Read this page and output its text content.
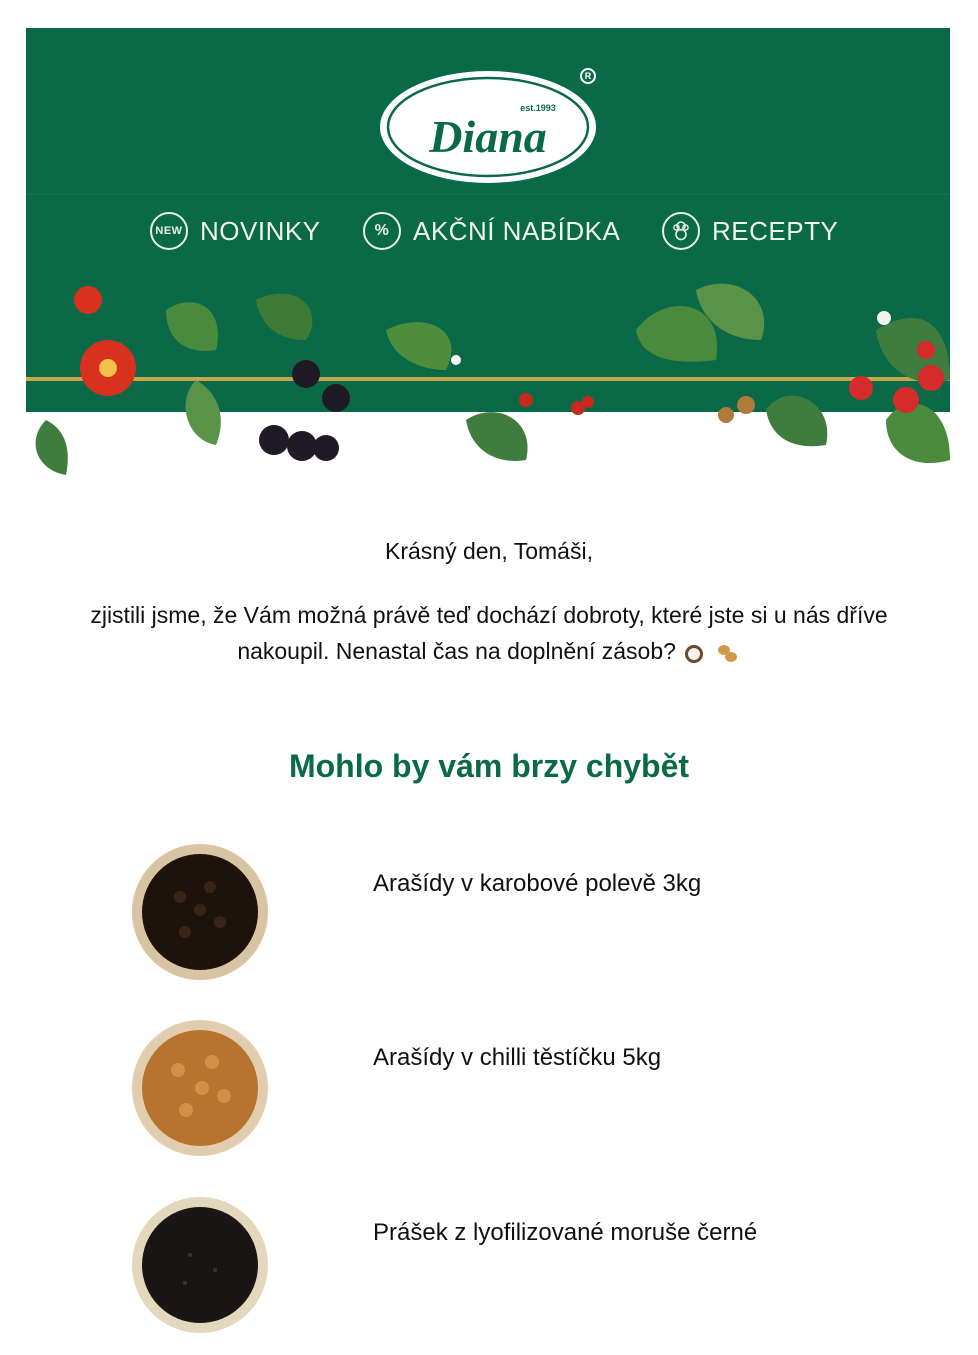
est.1993
Diana
R
NEW NOVINKY	% AKČNÍ NABÍDKA	RECEPTY

Krásný den, Tomáši,

zjistili jsme, že Vám možná právě teď dochází dobroty, které jste si u nás dříve nakoupil. Nenastal čas na doplnění zásob?

Mohlo by vám brzy chybět
Arašídy v karobové polevě 3kg
Arašídy v chilli těstíčku 5kg
Prášek z lyofilizované moruše černé
